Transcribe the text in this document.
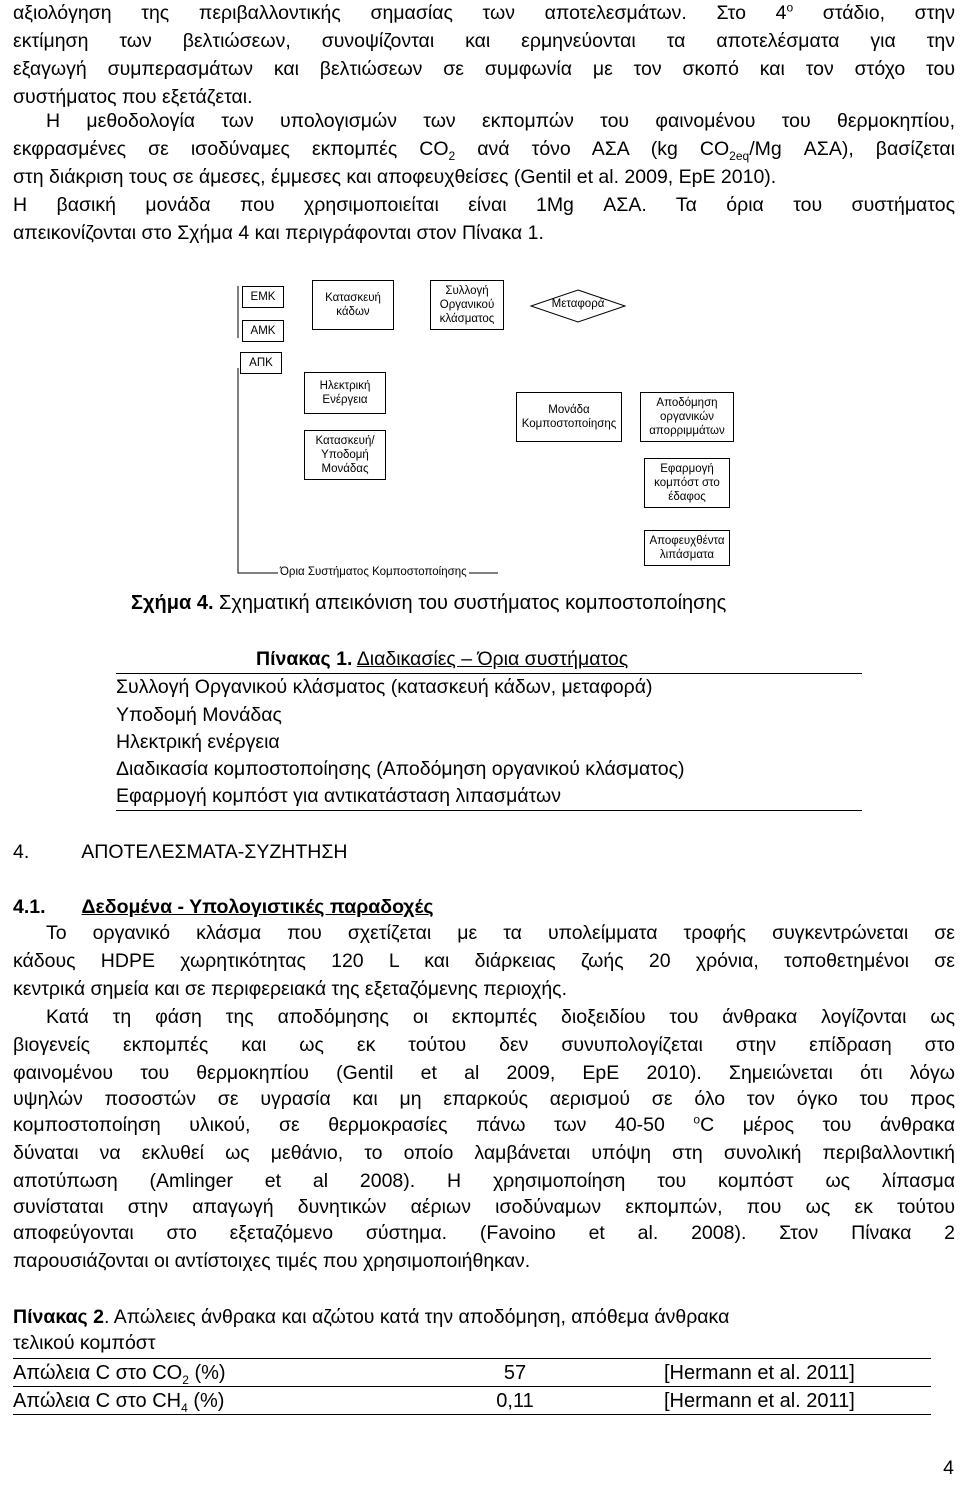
αξιολόγηση της περιβαλλοντικής σημασίας των αποτελεσμάτων. Στο $4^o$ στάδιο, στην
εκτίμηση των βελτιώσεων, συνοψίζονται και ερμηνεύονται τα αποτελέσματα για την
εξαγωγή συμπερασμάτων και βελτιώσεων σε συμφωνία με τον σκοπό και τον στόχο του
συστήματος που εξετάζεται.
Η μεθοδολογία των υπολογισμών των εκπομπών του φαινομένου του θερμοκηπίου,
εκφρασμένες σε ισοδύναμες εκπομπές $CO_2$ ανά τόνο ΑΣΑ (kg $CO_{2eq}/Mg$ ΑΣΑ), βασίζεται
στη διάκριση τους σε άμεσες, έμμεσες και αποφευχθείσες (Gentil et al. 2009, ΕpΕ 2010).
Η βασική μονάδα που χρησιμοποιείται είναι 1Mg ΑΣΑ. Τα όρια του συστήματος
απεικονίζονται στο Σχήμα 4 και περιγράφονται στον Πίνακα 1.
ΕΜΚ
ΑΜΚ
ΑΠΚ
Κατασκευή κάδων
Συλλογή Οργανικού κλάσματος
Μεταφορά
Ηλεκτρική Ενέργεια
Κατασκευή/ Υποδομή Μονάδας
Μονάδα Κομποστοποίησης
Αποδόμηση οργανικών απορριμμάτων
Εφαρμογή κομπόστ στο έδαφος
Αποφευχθέντα λιπάσματα
Όρια Συστήματος Κομποστοποίησης
Σχήμα 4. Σχηματική απεικόνιση του συστήματος κομποστοποίησης
Πίνακας 1. Διαδικασίες – Όρια συστήματος
Συλλογή Οργανικού κλάσματος (κατασκευή κάδων, μεταφορά)
Υποδομή Μονάδας
Ηλεκτρική ενέργεια
Διαδικασία κομποστοποίησης (Αποδόμηση οργανικού κλάσματος)
Εφαρμογή κομπόστ για αντικατάσταση λιπασμάτων
4.	ΑΠΟΤΕΛΕΣΜΑΤΑ-ΣΥΖΗΤΗΣΗ
4.1. Δεδομένα - Υπολογιστικές παραδοχές
Το οργανικό κλάσμα που σχετίζεται με τα υπολείμματα τροφής συγκεντρώνεται σε
κάδους HDPE χωρητικότητας 120 L και διάρκειας ζωής 20 χρόνια, τοποθετημένοι σε
κεντρικά σημεία και σε περιφερειακά της εξεταζόμενης περιοχής.
Κατά τη φάση της αποδόμησης οι εκπομπές διοξειδίου του άνθρακα λογίζονται ως
βιογενείς εκπομπές και ως εκ τούτου δεν συνυπολογίζεται στην επίδραση στο
φαινομένου του θερμοκηπίου (Gentil et al 2009, ΕpΕ 2010). Σημειώνεται ότι λόγω
υψηλών ποσοστών σε υγρασία και μη επαρκούς αερισμού σε όλο τον όγκο του προς
κομποστοποίηση υλικού, σε θερμοκρασίες πάνω των 40-50 $^o$C μέρος του άνθρακα
δύναται να εκλυθεί ως μεθάνιο, το οποίο λαμβάνεται υπόψη στη συνολική περιβαλλοντική
αποτύπωση (Amlinger et al 2008). Η χρησιμοποίηση του κομπόστ ως λίπασμα
συνίσταται στην απαγωγή δυνητικών αέριων ισοδύναμων εκπομπών, που ως εκ τούτου
αποφεύγονται στο εξεταζόμενο σύστημα. (Favoino et al. 2008). Στον Πίνακα 2
παρουσιάζονται οι αντίστοιχες τιμές που χρησιμοποιήθηκαν.
Πίνακας 2. Απώλειες άνθρακα και αζώτου κατά την αποδόμηση, απόθεμα άνθρακα
τελικού κομπόστ
Απώλεια C στο $CO_2$ (%)	57	[Hermann et al. 2011]
Απώλεια C στο $CH_4$ (%)	0,11	[Hermann et al. 2011]
4
